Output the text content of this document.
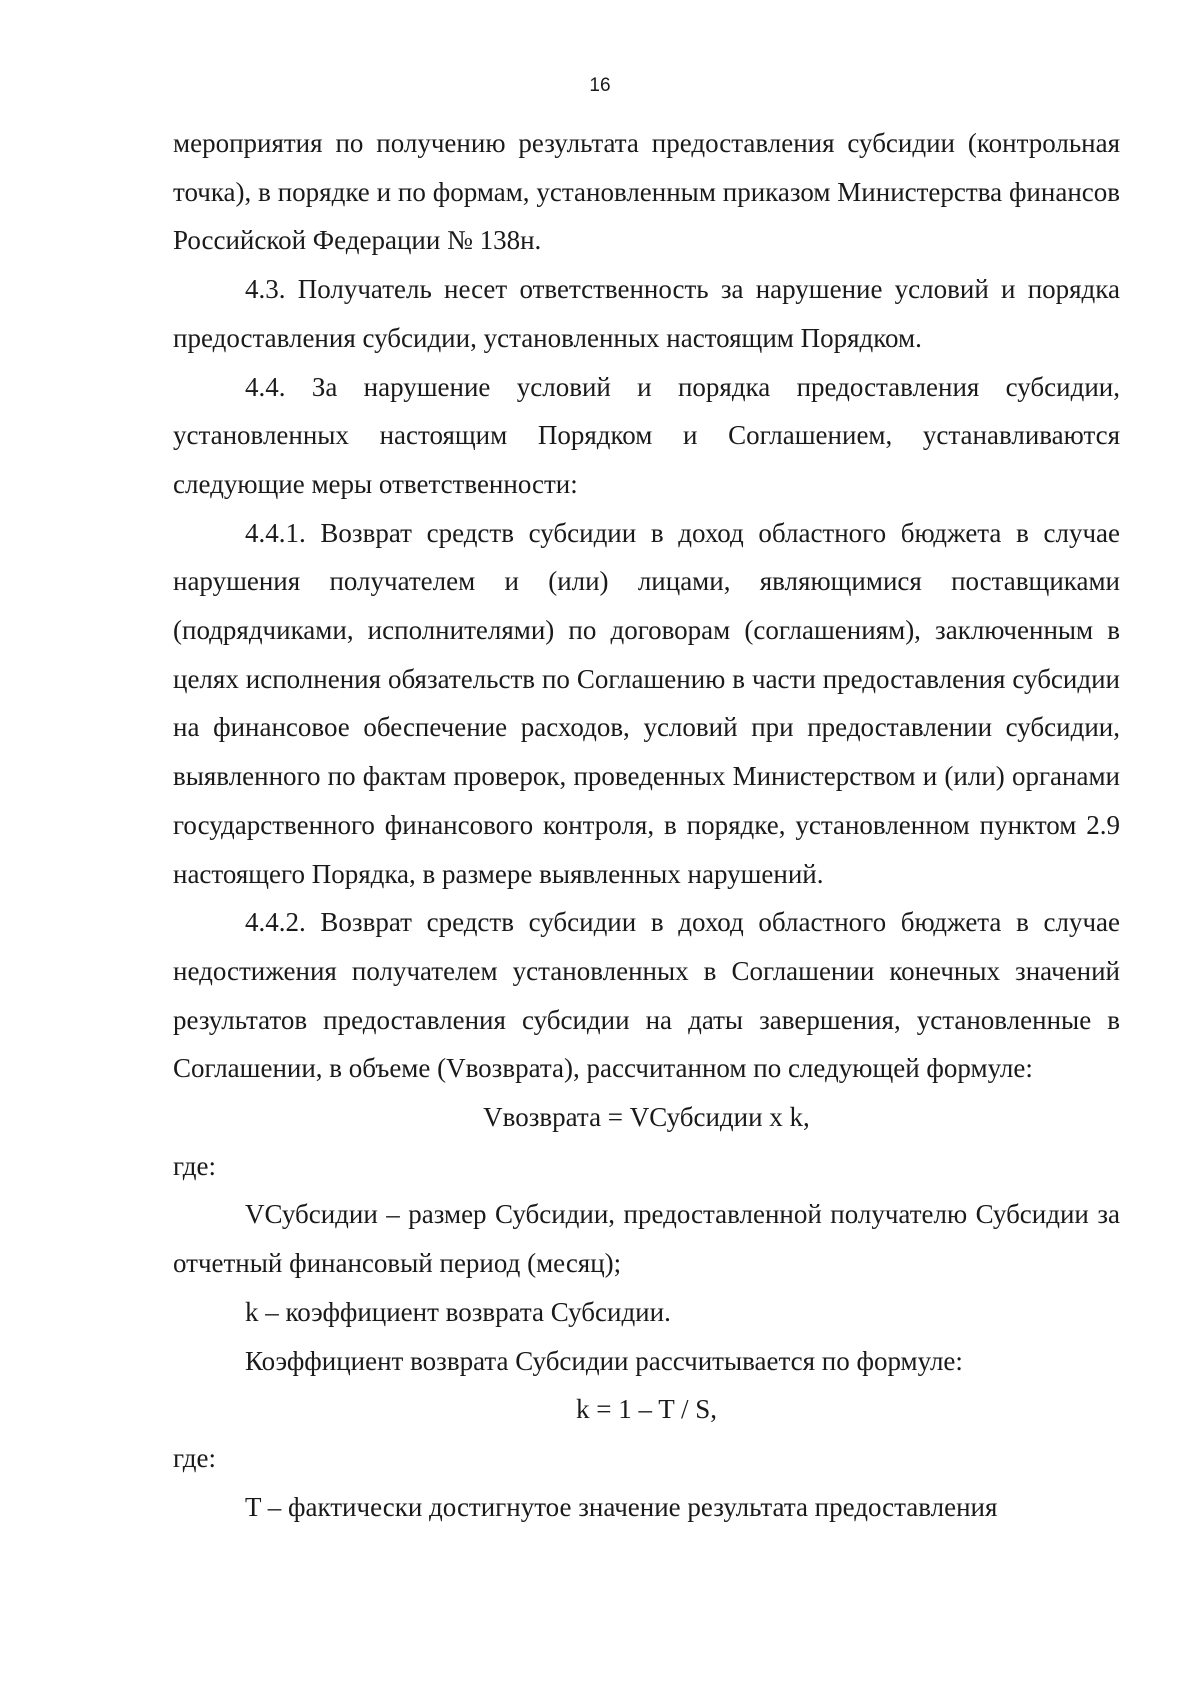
16

мероприятия по получению результата предоставления субсидии (контрольная точка), в порядке и по формам, установленным приказом Министерства финансов Российской Федерации № 138н.

4.3. Получатель несет ответственность за нарушение условий и порядка предоставления субсидии, установленных настоящим Порядком.

4.4. За нарушение условий и порядка предоставления субсидии, установленных настоящим Порядком и Соглашением, устанавливаются следующие меры ответственности:

4.4.1. Возврат средств субсидии в доход областного бюджета в случае нарушения получателем и (или) лицами, являющимися поставщиками (подрядчиками, исполнителями) по договорам (соглашениям), заключенным в целях исполнения обязательств по Соглашению в части предоставления субсидии на финансовое обеспечение расходов, условий при предоставлении субсидии, выявленного по фактам проверок, проведенных Министерством и (или) органами государственного финансового контроля, в порядке, установленном пунктом 2.9 настоящего Порядка, в размере выявленных нарушений.

4.4.2. Возврат средств субсидии в доход областного бюджета в случае недостижения получателем установленных в Соглашении конечных значений результатов предоставления субсидии на даты завершения, установленные в Соглашении, в объеме (Vвозврата), рассчитанном по следующей формуле:

Vвозврата = VСубсидии x k,

где:

VСубсидии – размер Субсидии, предоставленной получателю Субсидии за отчетный финансовый период (месяц);

k – коэффициент возврата Субсидии.

Коэффициент возврата Субсидии рассчитывается по формуле:

k = 1 – T / S,

где:

T – фактически достигнутое значение результата предоставления
